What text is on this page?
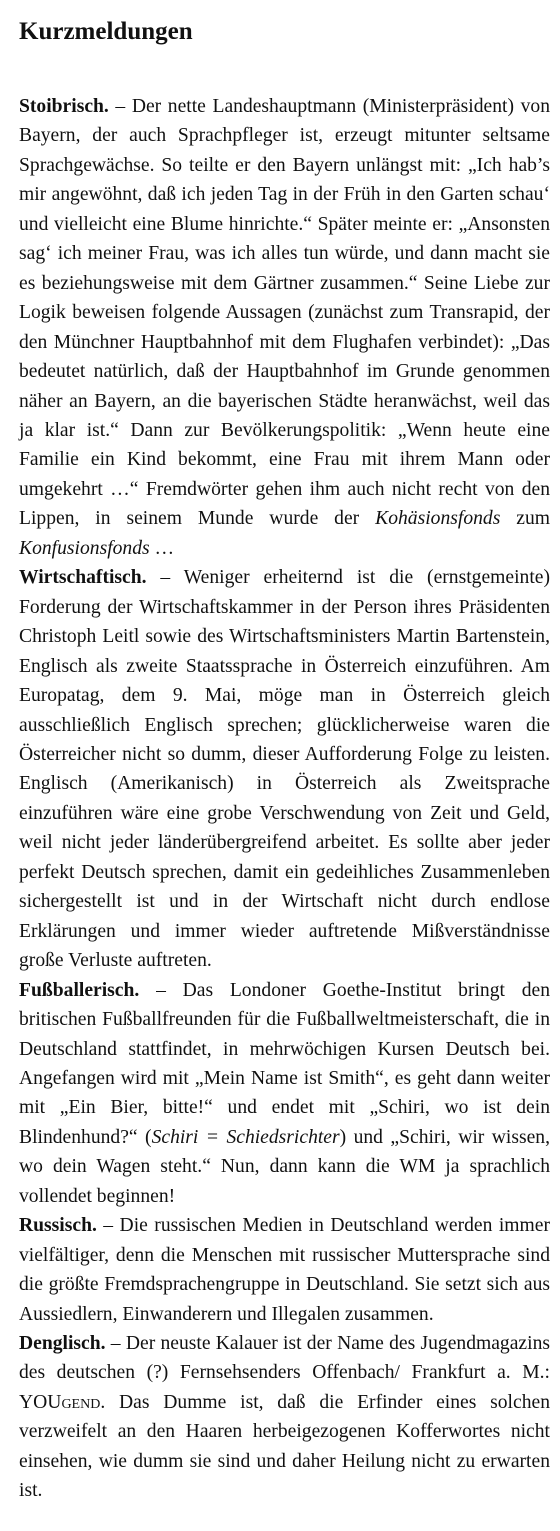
Kurzmeldungen

Stoibrisch. – Der nette Landeshauptmann (Ministerpräsident) von Bayern, der auch Sprachpfleger ist, erzeugt mitunter seltsame Sprachgewächse. So teilte er den Bayern unlängst mit: „Ich hab’s mir angewöhnt, daß ich jeden Tag in der Früh in den Garten schau‘ und vielleicht eine Blume hinrichte.“ Später meinte er: „Ansonsten sag‘ ich meiner Frau, was ich alles tun würde, und dann macht sie es beziehungsweise mit dem Gärtner zusammen.“ Seine Liebe zur Logik beweisen folgende Aussagen (zunächst zum Transrapid, der den Münchner Hauptbahnhof mit dem Flughafen verbindet): „Das bedeutet natürlich, daß der Hauptbahnhof im Grunde genommen näher an Bayern, an die bayerischen Städte heranwächst, weil das ja klar ist.“ Dann zur Bevölkerungspolitik: „Wenn heute eine Familie ein Kind bekommt, eine Frau mit ihrem Mann oder umgekehrt …“ Fremdwörter gehen ihm auch nicht recht von den Lippen, in seinem Munde wurde der Kohäsionsfonds zum Konfusionsfonds …

Wirtschaftisch. – Weniger erheiternd ist die (ernstgemeinte) Forderung der Wirtschaftskammer in der Person ihres Präsidenten Christoph Leitl sowie des Wirtschaftsministers Martin Bartenstein, Englisch als zweite Staatssprache in Österreich einzuführen. Am Europatag, dem 9. Mai, möge man in Österreich gleich ausschließlich Englisch sprechen; glücklicherweise waren die Österreicher nicht so dumm, dieser Aufforderung Folge zu leisten. Englisch (Amerikanisch) in Österreich als Zweitsprache einzuführen wäre eine grobe Verschwendung von Zeit und Geld, weil nicht jeder länderübergreifend arbeitet. Es sollte aber jeder perfekt Deutsch sprechen, damit ein gedeihliches Zusammenleben sichergestellt ist und in der Wirtschaft nicht durch endlose Erklärungen und immer wieder auftretende Mißverständnisse große Verluste auftreten.

Fußballerisch. – Das Londoner Goethe-Institut bringt den britischen Fußballfreunden für die Fußballweltmeisterschaft, die in Deutschland stattfindet, in mehrwöchigen Kursen Deutsch bei. Angefangen wird mit „Mein Name ist Smith“, es geht dann weiter mit „Ein Bier, bitte!“ und endet mit „Schiri, wo ist dein Blindenhund?“ (Schiri = Schiedsrichter) und „Schiri, wir wissen, wo dein Wagen steht.“ Nun, dann kann die WM ja sprachlich vollendet beginnen!

Russisch. – Die russischen Medien in Deutschland werden immer vielfältiger, denn die Menschen mit russischer Muttersprache sind die größte Fremdsprachengruppe in Deutschland. Sie setzt sich aus Aussiedlern, Einwanderern und Illegalen zusammen.

Denglisch. – Der neuste Kalauer ist der Name des Jugendmagazins des deutschen (?) Fernsehsenders Offenbach/ Frankfurt a. M.: YOUgend. Das Dumme ist, daß die Erfinder eines solchen verzweifelt an den Haaren herbeigezogenen Kofferwortes nicht einsehen, wie dumm sie sind und daher Heilung nicht zu erwarten ist.
